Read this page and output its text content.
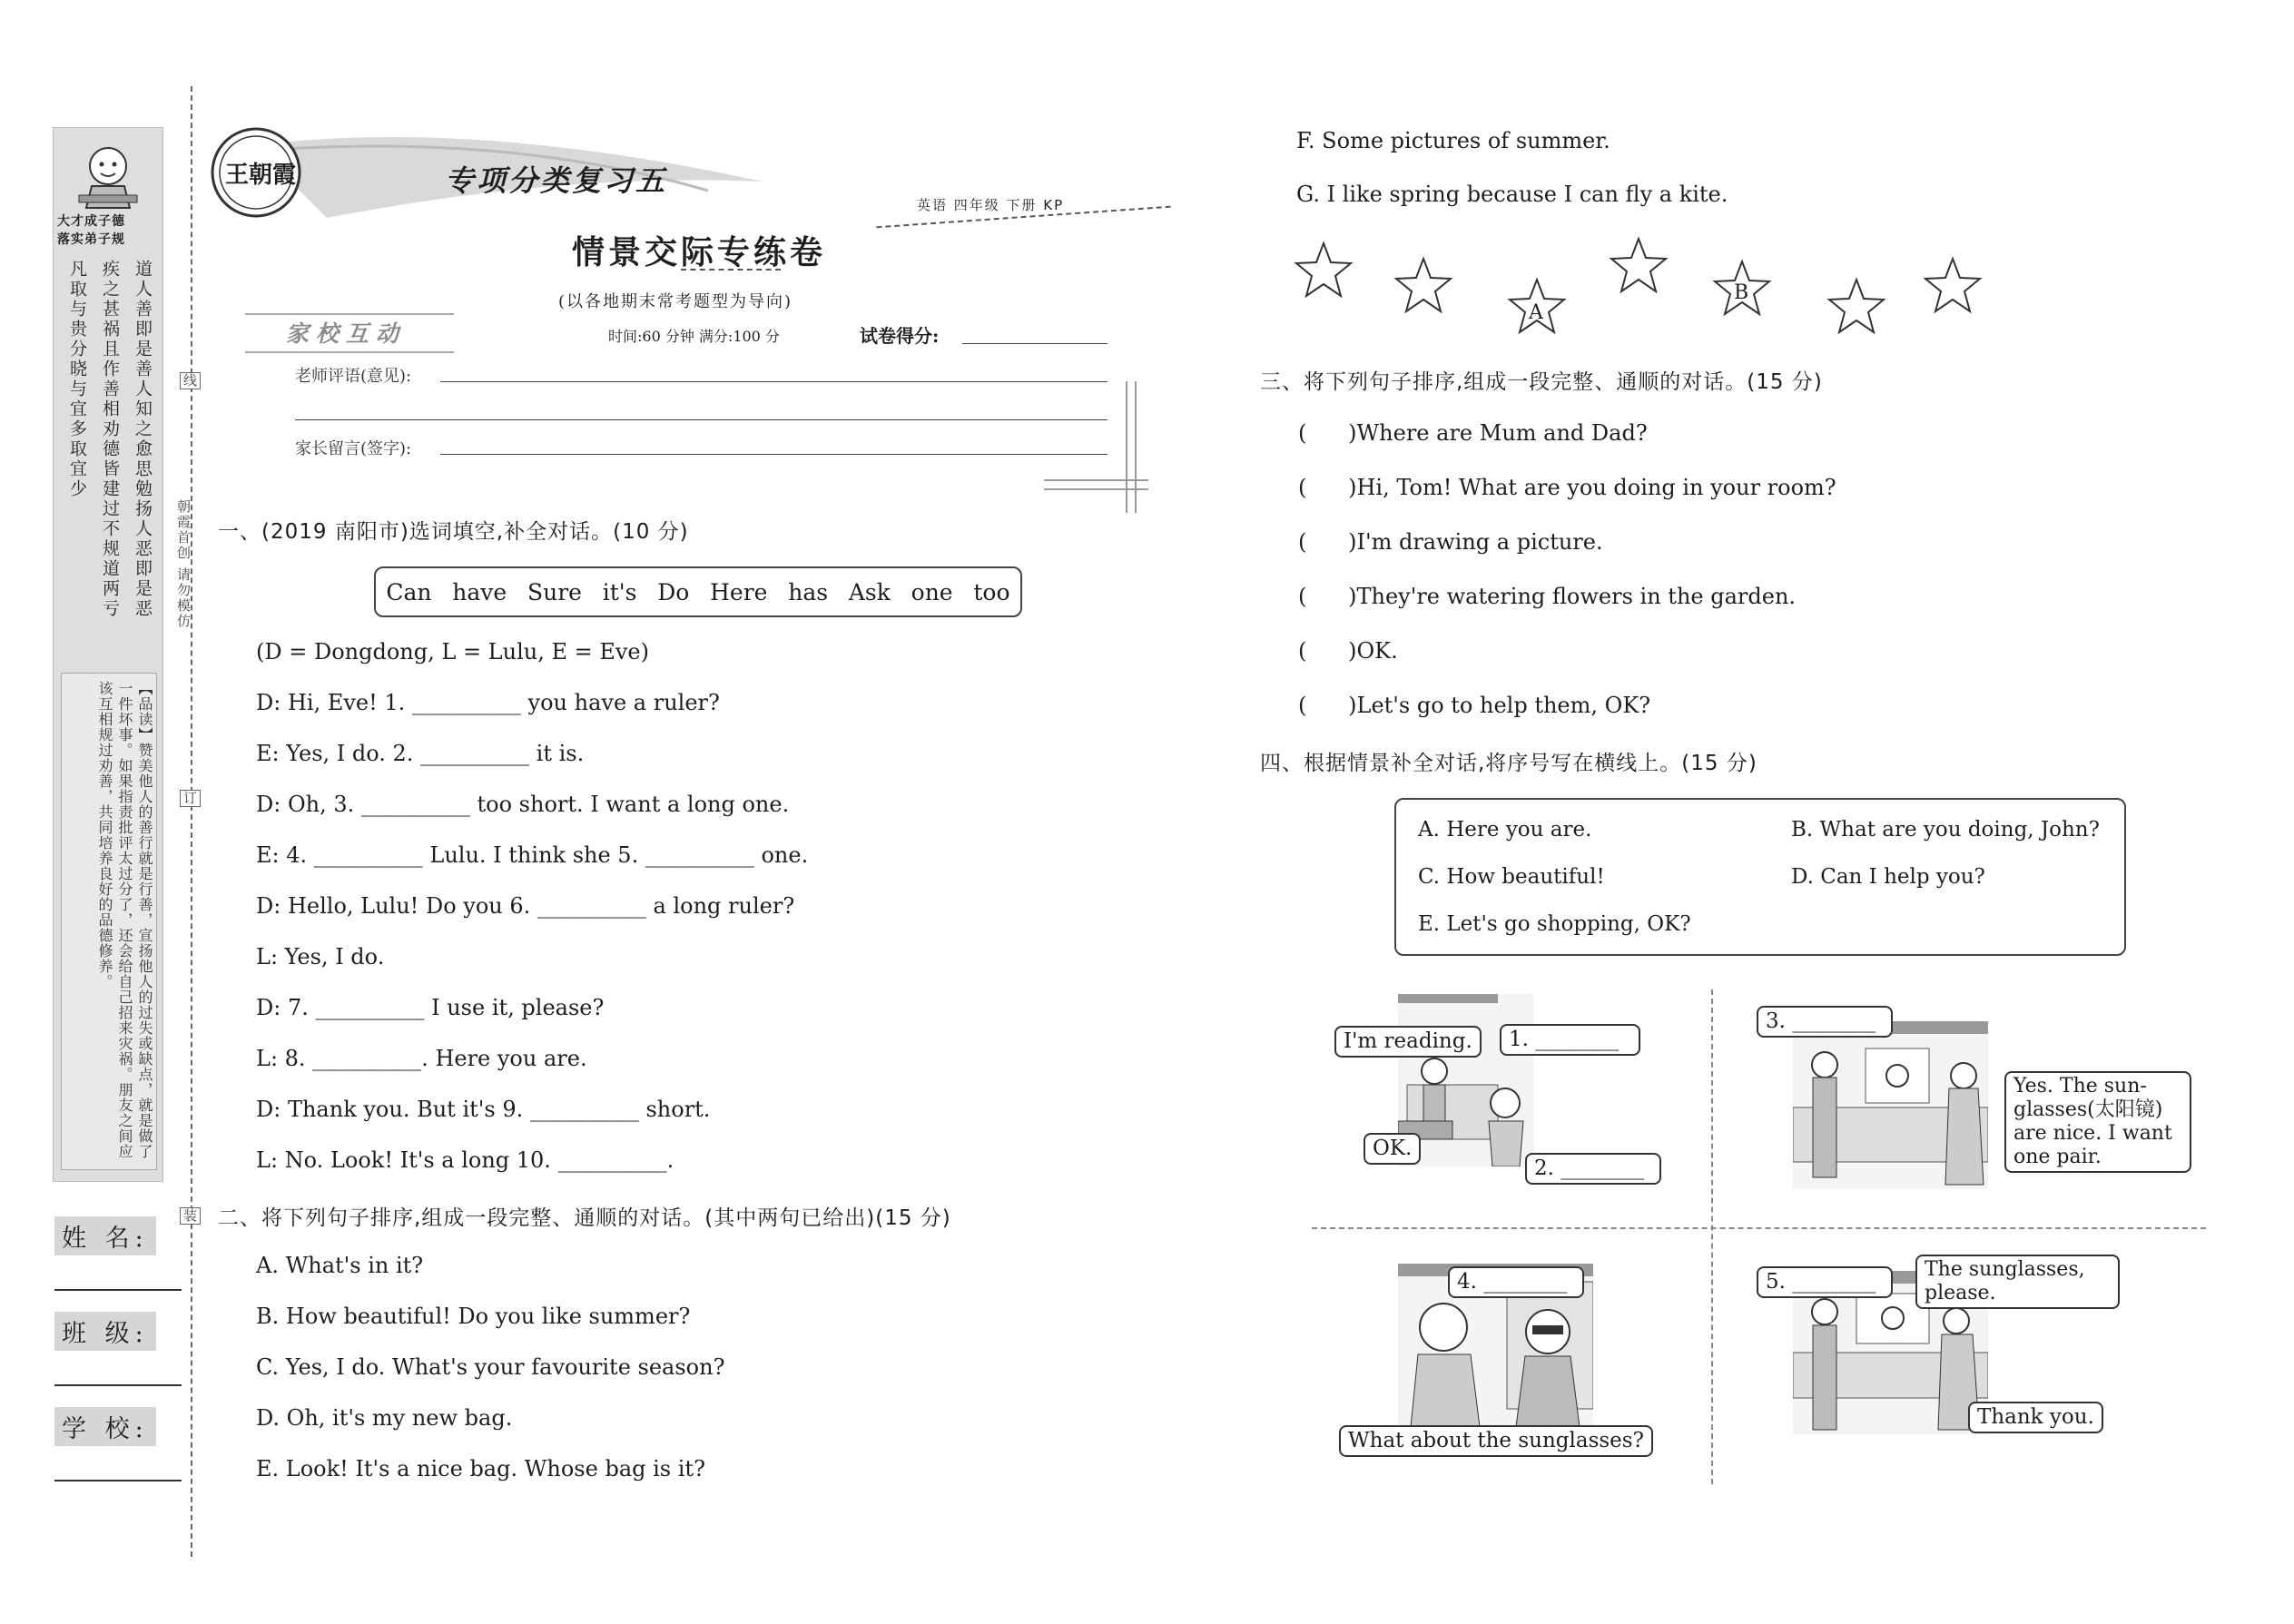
大才成子德
落实弟子规
道人善即是善人知之愈思勉扬人恶即是恶
疾之甚祸且作善相劝德皆建过不规道两亏
凡取与贵分晓与宜多取宜少
【品读】赞美他人的善行就是行善，宣扬他人的过失或缺点，就是做了一件坏事。如果指责批评太过分了，还会给自己招来灾祸。朋友之间应该互相规过劝善，共同培养良好的品德修养。
线
朝霞首创 请勿模仿
订
装
姓 名:
班 级:
学 校:
王朝霞	专项分类复习五
情景交际专练卷
(以各地期末常考题型为导向)
英语 四年级 下册 KP
时间:60 分钟 满分:100 分	试卷得分:
家校互动
老师评语(意见):
家长留言(签字):
一、(2019 南阳市)选词填空,补全对话。(10 分)
Can have Sure it's Do Here has Ask one too
(D = Dongdong, L = Lulu, E = Eve)
D: Hi, Eve! 1. __________ you have a ruler?
E: Yes, I do. 2. __________ it is.
D: Oh, 3. __________ too short. I want a long one.
E: 4. __________ Lulu. I think she 5. __________ one.
D: Hello, Lulu! Do you 6. __________ a long ruler?
L: Yes, I do.
D: 7. __________ I use it, please?
L: 8. __________. Here you are.
D: Thank you. But it's 9. __________ short.
L: No. Look! It's a long 10. __________.
二、将下列句子排序,组成一段完整、通顺的对话。(其中两句已给出)(15 分)
A. What's in it?
B. How beautiful! Do you like summer?
C. Yes, I do. What's your favourite season?
D. Oh, it's my new bag.
E. Look! It's a nice bag. Whose bag is it?
F. Some pictures of summer.
G. I like spring because I can fly a kite.
A
B
三、将下列句子排序,组成一段完整、通顺的对话。(15 分)
(      )Where are Mum and Dad?
(      )Hi, Tom! What are you doing in your room?
(      )I'm drawing a picture.
(      )They're watering flowers in the garden.
(      )OK.
(      )Let's go to help them, OK?
四、根据情景补全对话,将序号写在横线上。(15 分)
A. Here you are.	B. What are you doing, John?
C. How beautiful!	D. Can I help you?
E. Let's go shopping, OK?
I'm reading.	1. ________
OK.
2. ________
3. ________
Yes. The sun-
glasses(太阳镜)
are nice. I want
one pair.
4. ________
What about the sunglasses?
5. ________
The sunglasses,
please.
Thank you.
